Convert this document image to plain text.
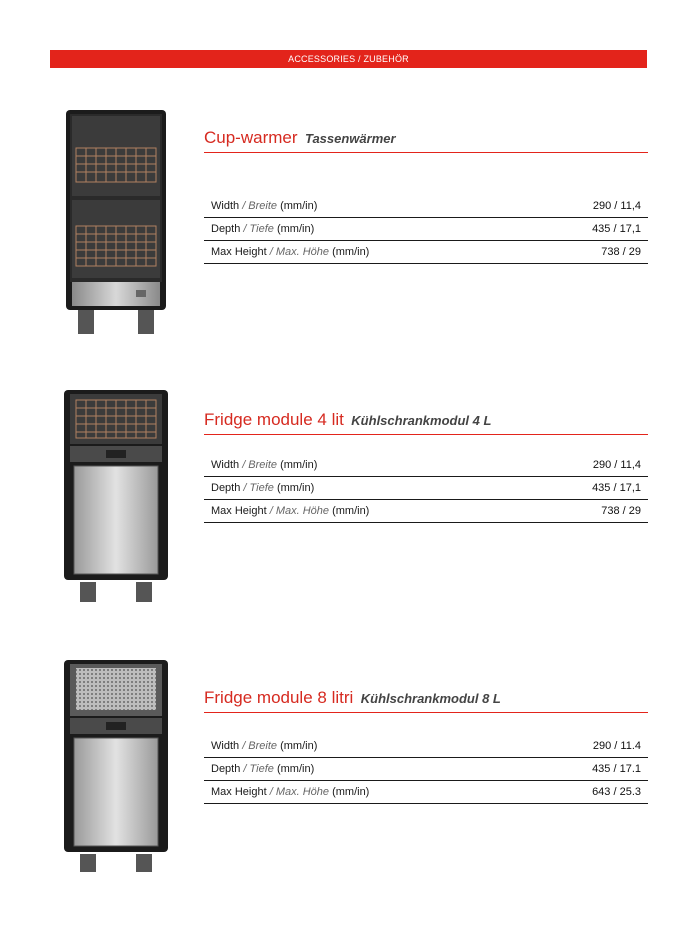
ACCESSORIES / ZUBEHÖR
Cup-warmer Tassenwärmer
Width / Breite (mm/in)	290 / 11,4
Depth / Tiefe (mm/in)	435 / 17,1
Max Height / Max. Höhe (mm/in)	738 / 29
Fridge module 4 lit Kühlschrankmodul 4 L
Width / Breite (mm/in)	290 / 11,4
Depth / Tiefe (mm/in)	435 / 17,1
Max Height / Max. Höhe (mm/in)	738 / 29
Fridge module 8 litri Kühlschrankmodul 8 L
Width / Breite (mm/in)	290 / 11.4
Depth / Tiefe (mm/in)	435 / 17.1
Max Height / Max. Höhe (mm/in)	643 / 25.3
